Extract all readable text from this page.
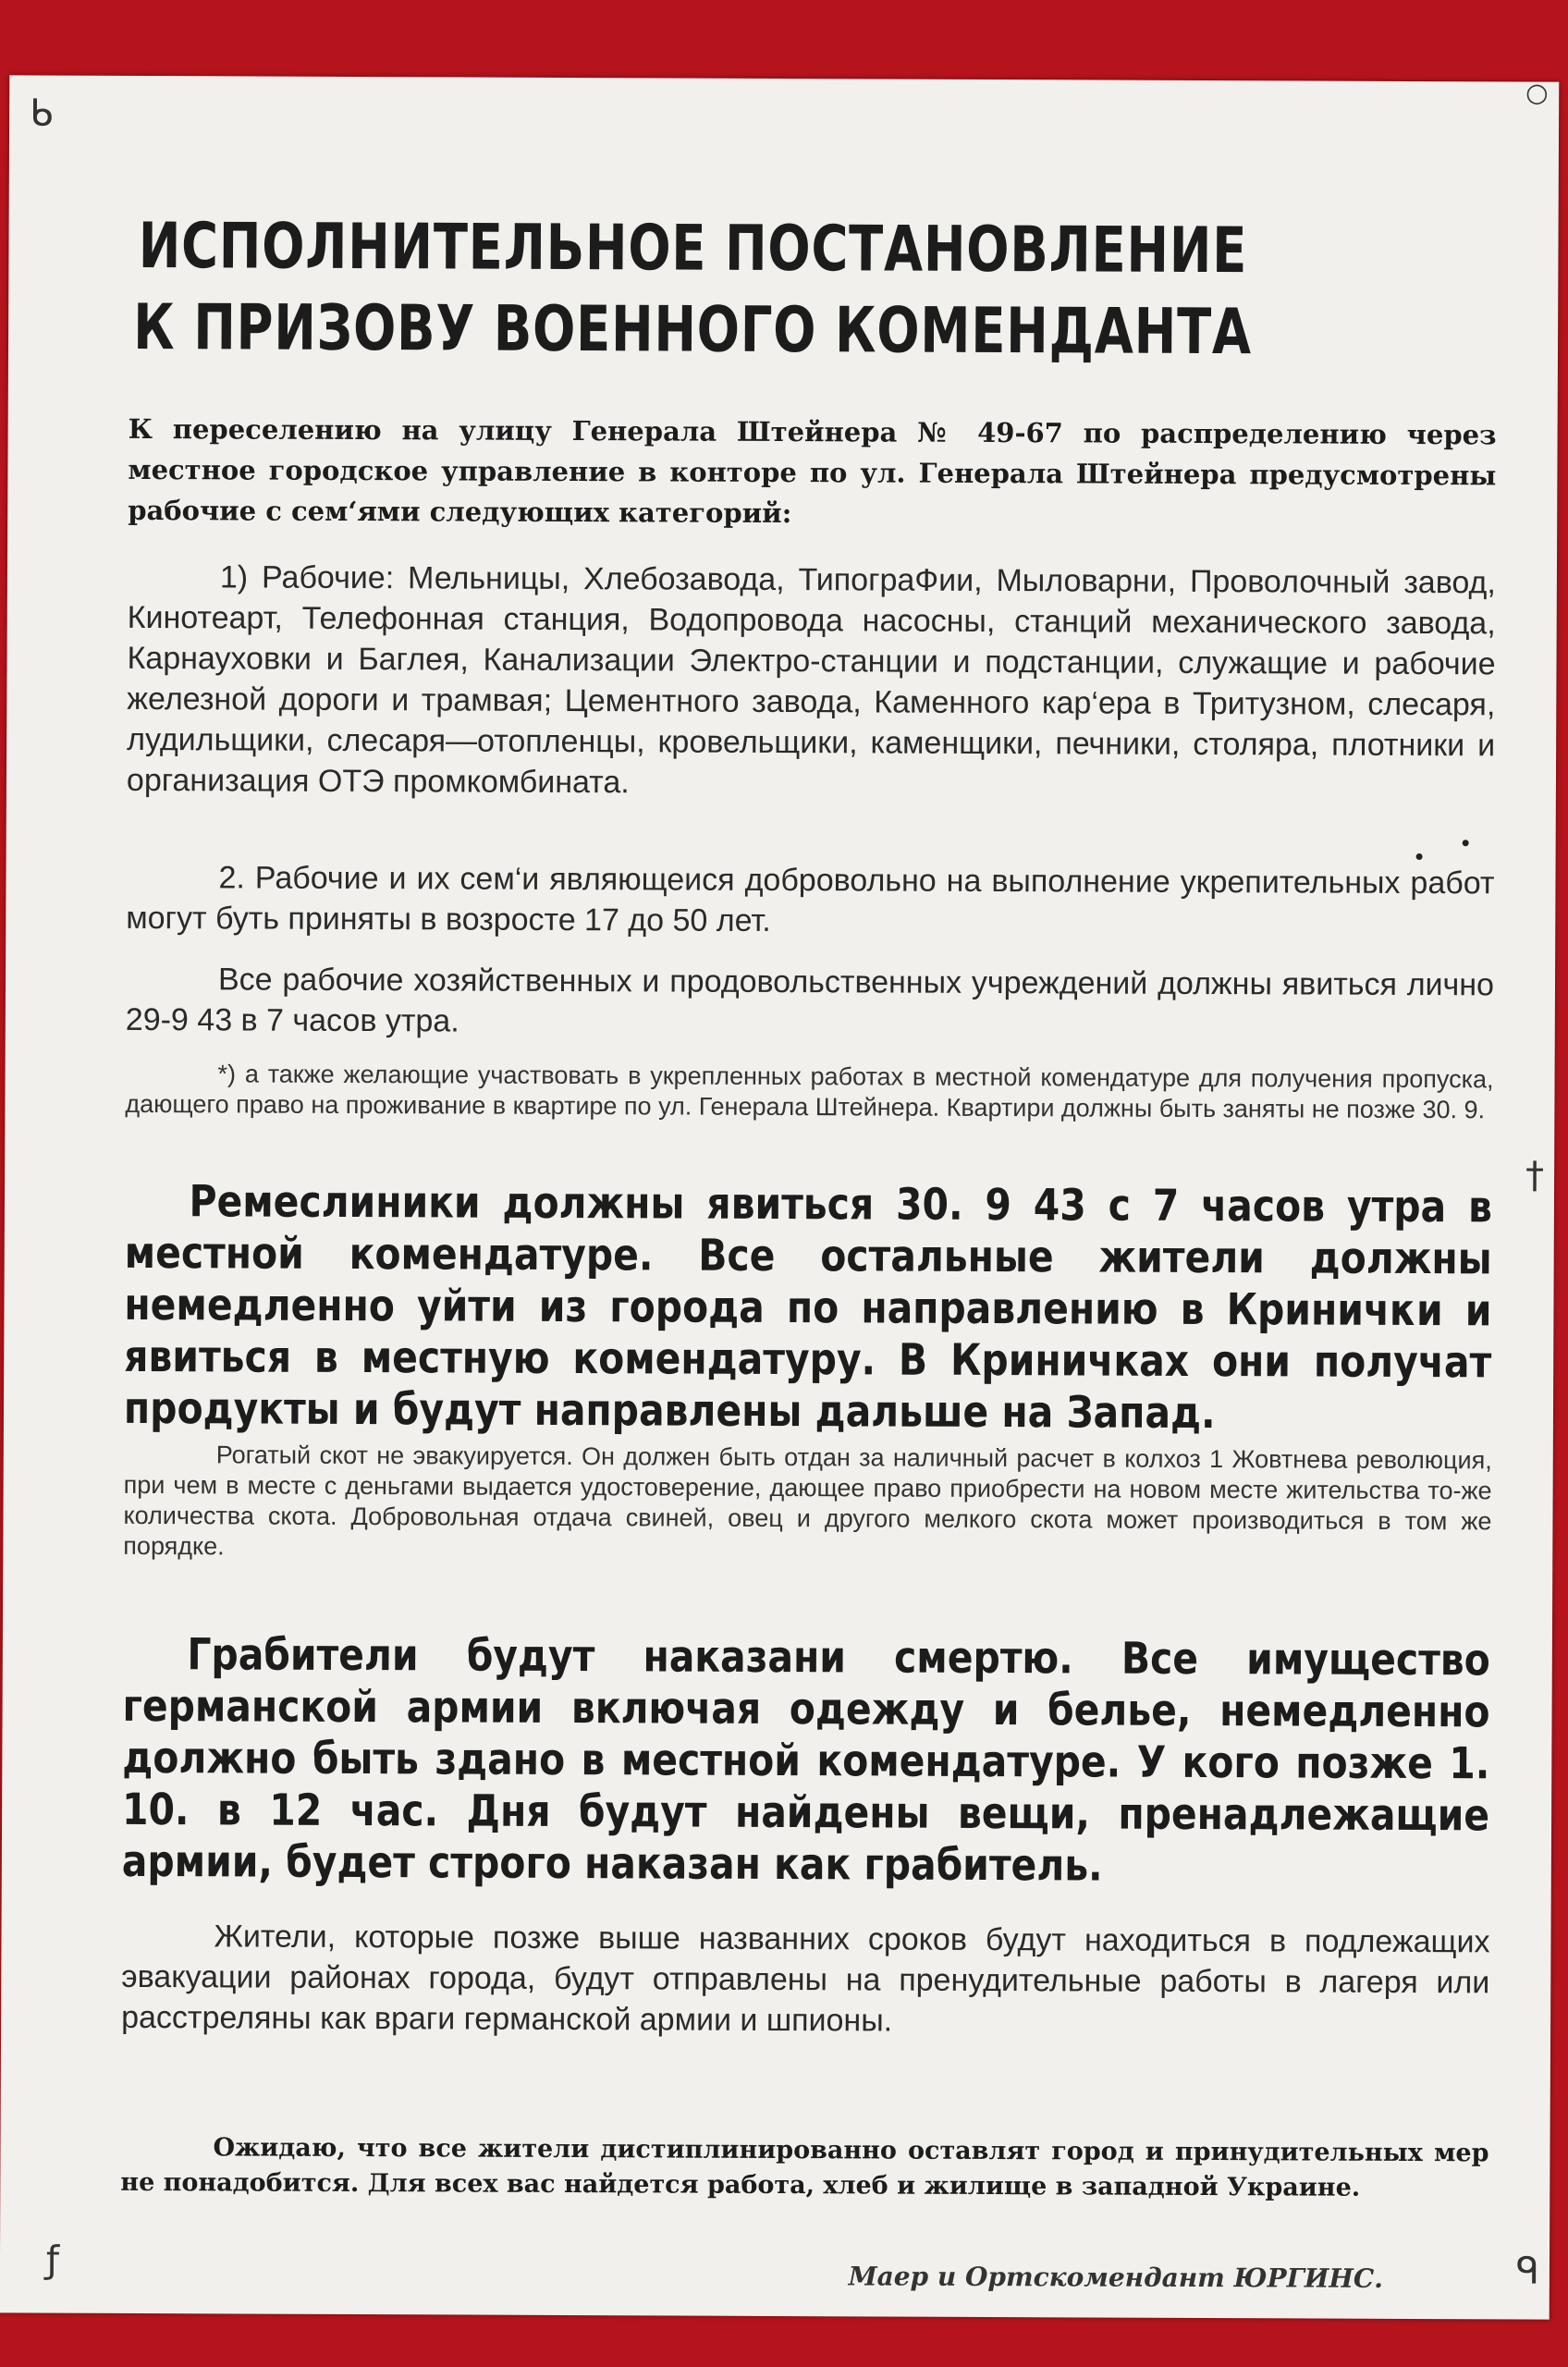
ИСПОЛНИТЕЛЬНОЕ ПОСТАНОВЛЕНИЕ
К ПРИЗОВУ ВОЕННОГО КОМЕНДАНТА
К переселению на улицу Генерала Штейнера № 49-67 по распределению через местное городское управление в конторе по ул. Генерала Штейнера предусмотрены рабочие с сем‘ями следующих категорий:
1) Рабочие: Мельницы, Хлебозавода, ТипограФии, Мыловарни, Проволочный завод, Кинотеарт, Телефонная станция, Водопровода насосны, станций механического завода, Карнауховки и Баглея, Канализации Электро-станции и подстанции, служащие и рабочие железной дороги и трамвая; Цементного завода, Каменного кар‘ера в Тритузном, слесаря, лудильщики, слесаря—отопленцы, кровельщики, каменщики, печники, столяра, плотники и организация ОТЭ промкомбината.
2. Рабочие и их сем‘и являющеися добровольно на выполнение укрепительных работ могут буть приняты в возросте 17 до 50 лет.
Все рабочие хозяйственных и продовольственных учреждений должны явиться лично 29-9 43 в 7 часов утра.
*) а также желающие участвовать в укрепленных работах в местной комендатуре для получения пропуска, дающего право на проживание в квартире по ул. Генерала Штейнера. Квартири должны быть заняты не позже 30. 9.
Ремеслиники должны явиться 30. 9 43 с 7 часов утра в местной комендатуре. Все остальные жители должны немедленно уйти из города по направлению в Криничκи и явиться в местную комендатуру. В Криничках они получат продукты и будут направлены дальше на Запад.
Рогатый скот не эвакуируется. Он должен быть отдан за наличный расчет в колхоз 1 Жовтнева революция, при чем в месте с деньгами выдается удостоверение, дающее право приобрести на новом месте жительства то-же количества скота. Добровольная отдача свиней, овец и другого мелкого скота может производиться в том же порядке.
Грабители будут наказани смертю. Все имущество германской армии включая одежду и белье, немедленно должно быть здано в местной комендатуре. У кого позже 1. 10. в 12 час. Дня будут найдены вещи, пренадлежащие армии, будет строго наказан как грабитель.
Жители, которые позже выше названних сроков будут находиться в подлежащих эвакуации районах города, будут отправлены на пренудительные работы в лагеря или расстреляны как враги германской армии и шпионы.
Ожидаю, что все жители дистиплинированно оставлят город и принудительных мер не понадобится. Для всех вас найдется работа, хлеб и жилище в западной Украине.
Маер и Ортскомендант ЮРГИНС.
ᑲ	○
†
ƒ	ᑫ
